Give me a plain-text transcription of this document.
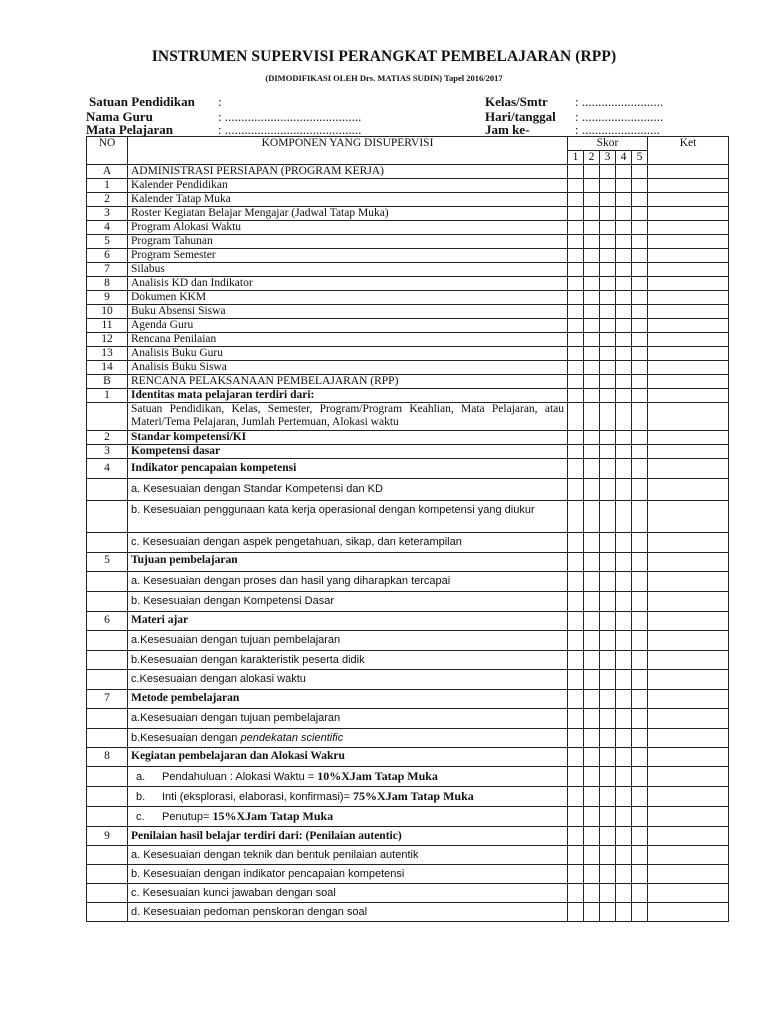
INSTRUMEN SUPERVISI PERANGKAT PEMBELAJARAN (RPP)
(DIMODIFIKASI OLEH Drs. MATIAS SUDIN) Tapel 2016/2017
Satuan Pendidikan :
Nama Guru	: ..........................................
Mata Pelajaran	: ..........................................
Kelas/Smtr : .........................
Hari/tanggal : .........................
Jam ke-	: ........................
NO	KOMPONEN YANG DISUPERVISI	Skor					Ket
		1	2	3	4	5	
A	ADMINISTRASI PERSIAPAN (PROGRAM KERJA)						
1	Kalender Pendidikan						
2	Kalender Tatap Muka						
3	Roster Kegiatan Belajar Mengajar (Jadwal Tatap Muka)						
4	Program Alokasi Waktu						
5	Program Tahunan						
6	Program Semester						
7	Silabus						
8	Analisis KD dan Indikator						
9	Dokumen KKM						
10	Buku Absensi Siswa						
11	Agenda Guru						
12	Rencana Penilaian						
13	Analisis Buku Guru						
14	Analisis Buku Siswa						
B	RENCANA PELAKSANAAN PEMBELAJARAN (RPP)						
1	Identitas mata pelajaran terdiri dari:						
	Satuan Pendidikan, Kelas, Semester, Program/Program Keahlian, Mata Pelajaran, atau Materi/Tema Pelajaran, Jumlah Pertemuan, Alokasi waktu						
2	Standar kompetensi/KI						
3	Kompetensi dasar						
4	Indikator pencapaian kompetensi						
	a. Kesesuaian dengan Standar Kompetensi dan KD						
	b. Kesesuaian penggunaan kata kerja operasional dengan kompetensi yang diukur						
	c. Kesesuaian dengan aspek pengetahuan, sikap, dan keterampilan						
5	Tujuan pembelajaran						
	a. Kesesuaian dengan proses dan hasil yang diharapkan tercapai						
	b. Kesesuaian dengan Kompetensi Dasar						
6	Materi ajar						
	a.Kesesuaian dengan tujuan pembelajaran						
	b.Kesesuaian dengan karakteristik peserta didik						
	c.Kesesuaian dengan alokasi waktu						
7	Metode pembelajaran						
	a.Kesesuaian dengan tujuan pembelajaran						
	b.Kesesuaian dengan pendekatan scientific						
8	Kegiatan pembelajaran dan Alokasi Wakru						
	a. Pendahuluan : Alokasi Waktu = 10%XJam Tatap Muka						
	b. Inti (eksplorasi, elaborasi, konfirmasi)= 75%XJam Tatap Muka						
	c. Penutup= 15%XJam Tatap Muka						
9	Penilaian hasil belajar terdiri dari: (Penilaian autentic)						
	a. Kesesuaian dengan teknik dan bentuk penilaian autentik						
	b. Kesesuaian dengan indikator pencapaian kompetensi						
	c. Kesesuaian kunci jawaban dengan soal						
	d. Kesesuaian pedoman penskoran dengan soal						
